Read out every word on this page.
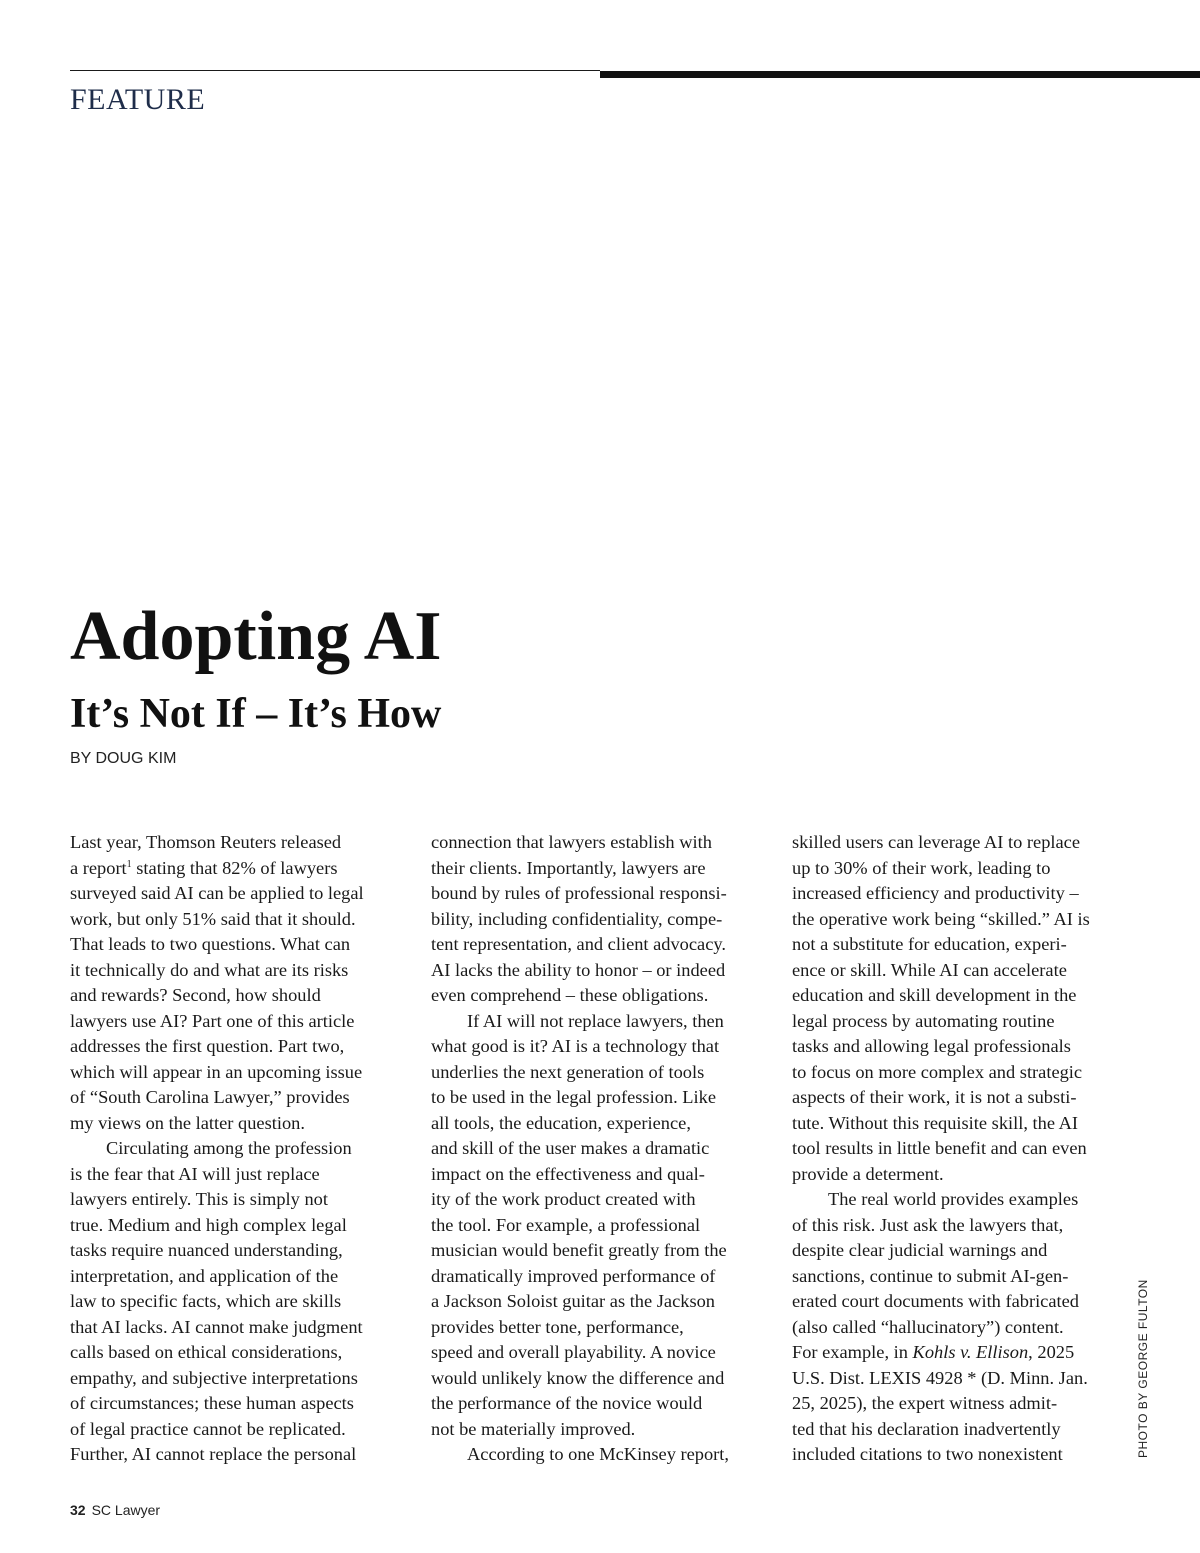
FEATURE
Adopting AI
It’s Not If – It’s How
BY DOUG KIM
Last year, Thomson Reuters released
a report$^1$ stating that 82% of lawyers
surveyed said AI can be applied to legal
work, but only 51% said that it should.
That leads to two questions. What can
it technically do and what are its risks
and rewards? Second, how should
lawyers use AI? Part one of this article
addresses the first question. Part two,
which will appear in an upcoming issue
of “South Carolina Lawyer,” provides
my views on the latter question.
Circulating among the profession
is the fear that AI will just replace
lawyers entirely. This is simply not
true. Medium and high complex legal
tasks require nuanced understanding,
interpretation, and application of the
law to specific facts, which are skills
that AI lacks. AI cannot make judgment
calls based on ethical considerations,
empathy, and subjective interpretations
of circumstances; these human aspects
of legal practice cannot be replicated.
Further, AI cannot replace the personal
connection that lawyers establish with
their clients. Importantly, lawyers are
bound by rules of professional responsi-
bility, including confidentiality, compe-
tent representation, and client advocacy.
AI lacks the ability to honor – or indeed
even comprehend – these obligations.
If AI will not replace lawyers, then
what good is it? AI is a technology that
underlies the next generation of tools
to be used in the legal profession. Like
all tools, the education, experience,
and skill of the user makes a dramatic
impact on the effectiveness and qual-
ity of the work product created with
the tool. For example, a professional
musician would benefit greatly from the
dramatically improved performance of
a Jackson Soloist guitar as the Jackson
provides better tone, performance,
speed and overall playability. A novice
would unlikely know the difference and
the performance of the novice would
not be materially improved.
According to one McKinsey report,
skilled users can leverage AI to replace
up to 30% of their work, leading to
increased efficiency and productivity –
the operative work being “skilled.” AI is
not a substitute for education, experi-
ence or skill. While AI can accelerate
education and skill development in the
legal process by automating routine
tasks and allowing legal professionals
to focus on more complex and strategic
aspects of their work, it is not a substi-
tute. Without this requisite skill, the AI
tool results in little benefit and can even
provide a determent.
The real world provides examples
of this risk. Just ask the lawyers that,
despite clear judicial warnings and
sanctions, continue to submit AI-gen-
erated court documents with fabricated
(also called “hallucinatory”) content.
For example, in Kohls v. Ellison, 2025
U.S. Dist. LEXIS 4928 * (D. Minn. Jan.
25, 2025), the expert witness admit-
ted that his declaration inadvertently
included citations to two nonexistent	PHOTO BY GEORGE FULTON
32 SC Lawyer
